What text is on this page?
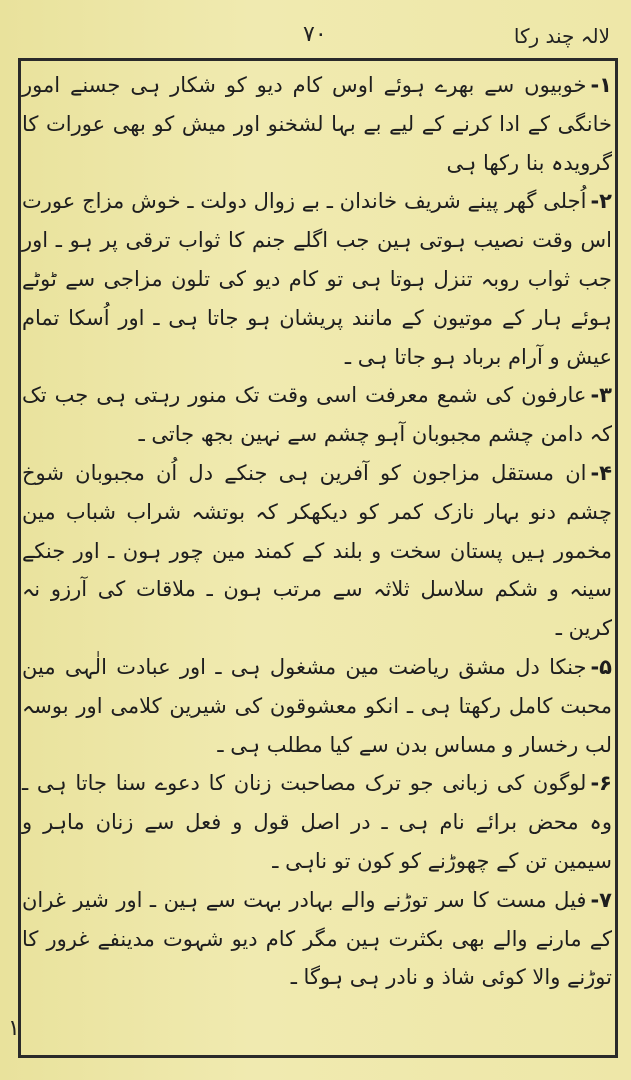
۷۰	لالہ چند رکا

۱-خوبیوں سے بھرے ہوئے اوس کام دیو کو شکار ہی جسنے امور خانگی کے ادا کرنے کے لیے بے بہا لشخنو اور میش کو بھی عورات کا گرویدہ بنا رکھا ہی

۲-اُجلی گھر پینے شریف خاندان ـ بے زوال دولت ـ خوش مزاج عورت اس وقت نصیب ہوتی ہین جب اگلے جنم کا ثواب ترقی پر ہو ـ اور جب ثواب روبہ تنزل ہوتا ہی تو کام دیو کی تلون مزاجی سے ٹوٹے ہوئے ہار کے موتیون کے مانند پریشان ہو جاتا ہی ـ اور اُسکا تمام عیش و آرام برباد ہو جاتا ہی ـ

۳-عارفون کی شمع معرفت اسی وقت تک منور رہتی ہی جب تک کہ دامن چشم مجبوبان آہو چشم سے نہین بجھ جاتی ـ

۴-ان مستقل مزاجون کو آفرین ہی جنکے دل اُن مجبوبان شوخ چشم دنو بہار نازک کمر کو دیکھکر کہ بوتشہ شراب شباب مین مخمور ہیں پستان سخت و بلند کے کمند مین چور ہون ـ اور جنکے سینہ و شکم سلاسل ثلاثہ سے مرتب ہون ـ ملاقات کی آرزو نہ کرین ـ

۵-جنکا دل مشق ریاضت مین مشغول ہی ـ اور عبادت الٰہی مین محبت کامل رکھتا ہی ـ انکو معشوقون کی شیرین کلامی اور بوسہ لب رخسار و مساس بدن سے کیا مطلب ہی ـ

۶-لوگون کی زبانی جو ترک مصاحبت زنان کا دعوے سنا جاتا ہی ـ وہ محض برائے نام ہی ـ در اصل قول و فعل سے زنان ماہر و سیمین تن کے چھوڑنے کو کون تو ناہی ـ

۷-فیل مست کا سر توڑنے والے بہادر بہت سے ہین ـ اور شیر غران کے مارنے والے بھی بکثرت ہین مگر کام دیو شہوت مدینفے غرور کا توڑنے والا کوئی شاذ و نادر ہی ہوگا ـ

۱
